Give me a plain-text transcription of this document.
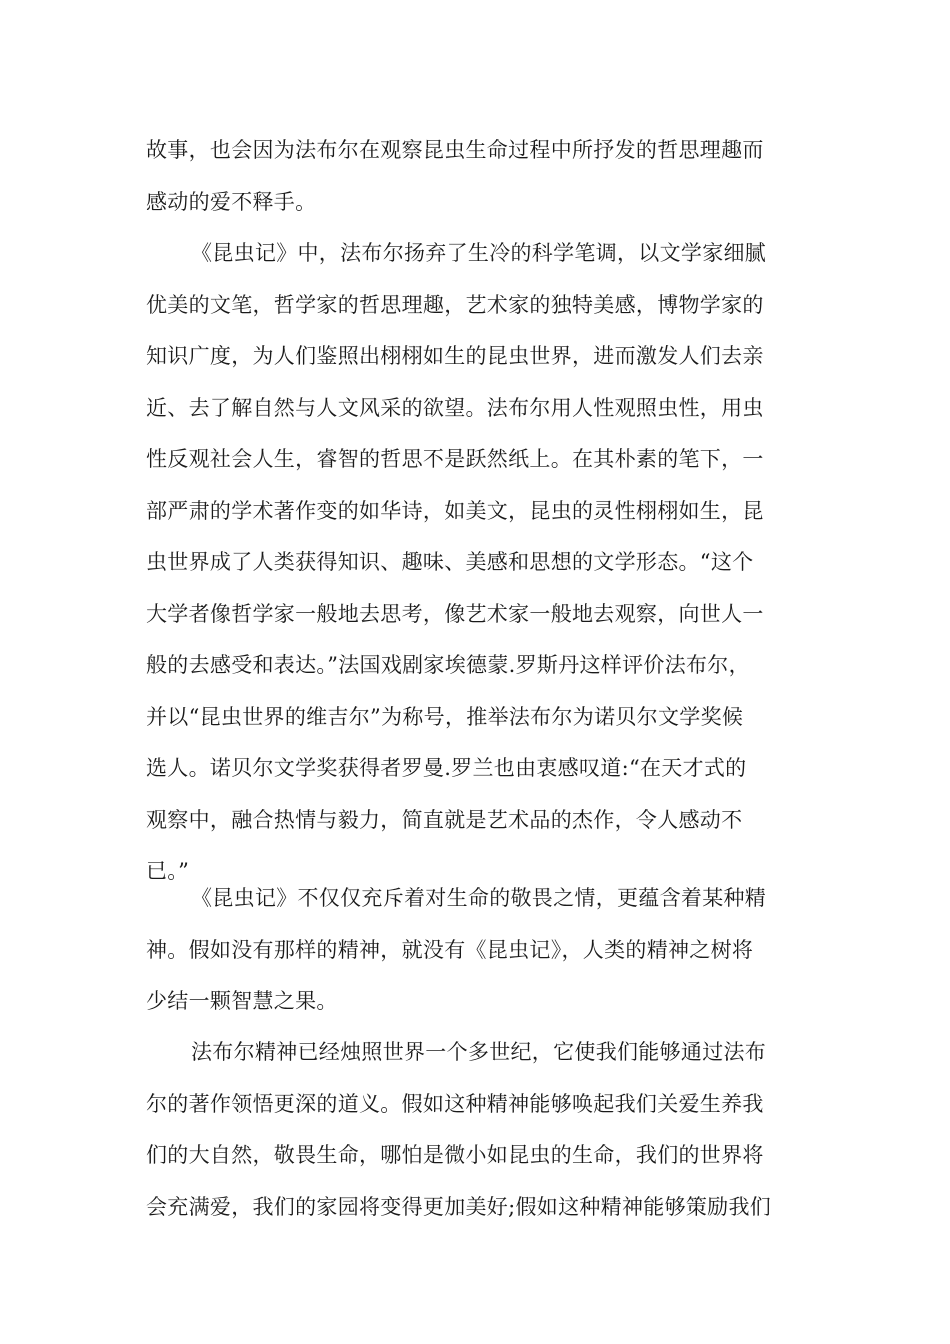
故事，也会因为法布尔在观察昆虫生命过程中所抒发的哲思理趣而
感动的爱不释手。
《昆虫记》中，法布尔扬弃了生冷的科学笔调，以文学家细腻
优美的文笔，哲学家的哲思理趣，艺术家的独特美感，博物学家的
知识广度，为人们鉴照出栩栩如生的昆虫世界，进而激发人们去亲
近、去了解自然与人文风采的欲望。法布尔用人性观照虫性，用虫
性反观社会人生，睿智的哲思不是跃然纸上。在其朴素的笔下，一
部严肃的学术著作变的如华诗，如美文，昆虫的灵性栩栩如生，昆
虫世界成了人类获得知识、趣味、美感和思想的文学形态。“这个
大学者像哲学家一般地去思考，像艺术家一般地去观察，向世人一
般的去感受和表达。”法国戏剧家埃德蒙.罗斯丹这样评价法布尔，
并以“昆虫世界的维吉尔”为称号，推举法布尔为诺贝尔文学奖候
选人。诺贝尔文学奖获得者罗曼.罗兰也由衷感叹道:“在天才式的
观察中，融合热情与毅力，简直就是艺术品的杰作，令人感动不
已。”
《昆虫记》不仅仅充斥着对生命的敬畏之情，更蕴含着某种精
神。假如没有那样的精神，就没有《昆虫记》，人类的精神之树将
少结一颗智慧之果。
法布尔精神已经烛照世界一个多世纪，它使我们能够通过法布
尔的著作领悟更深的道义。假如这种精神能够唤起我们关爱生养我
们的大自然，敬畏生命，哪怕是微小如昆虫的生命，我们的世界将
会充满爱，我们的家园将变得更加美好;假如这种精神能够策励我们
